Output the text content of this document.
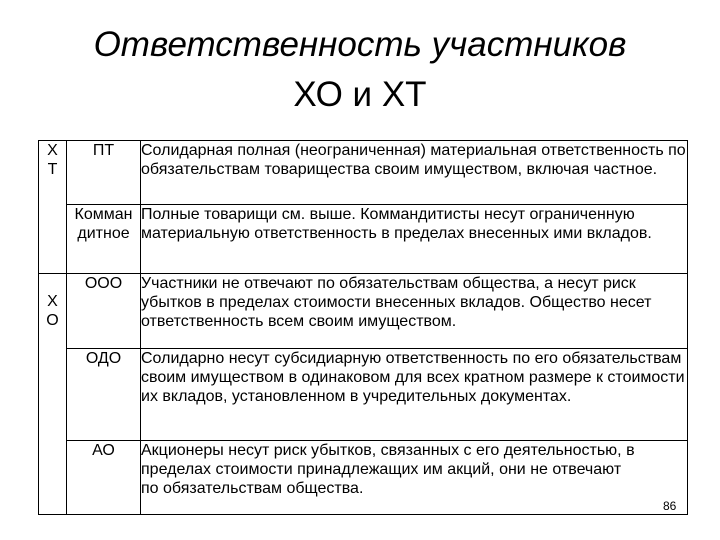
Ответственность участников
ХО и ХТ
Х
Т	ПТ	Солидарная полная (неограниченная) материальная ответственность по обязательствам товарищества своим имуществом, включая частное.

	Коммандитное	Полные товарищи см. выше. Коммандитисты несут ограниченную материальную ответственность в пределах внесенных ими вкладов.

Х
О	ООО	Участники не отвечают по обязательствам общества, а несут риск убытков в пределах стоимости внесенных вкладов. Общество несет ответственность всем своим имуществом.

	ОДО	Солидарно несут субсидиарную ответственность по его обязательствам своим имуществом в одинаковом для всех кратном размере к стоимости их вкладов, установленном в учредительных документах.

	АО	Акционеры несут риск убытков, связанных с его деятельностью, в пределах стоимости принадлежащих им акций, они не отвечают по обязательствам общества.
86
